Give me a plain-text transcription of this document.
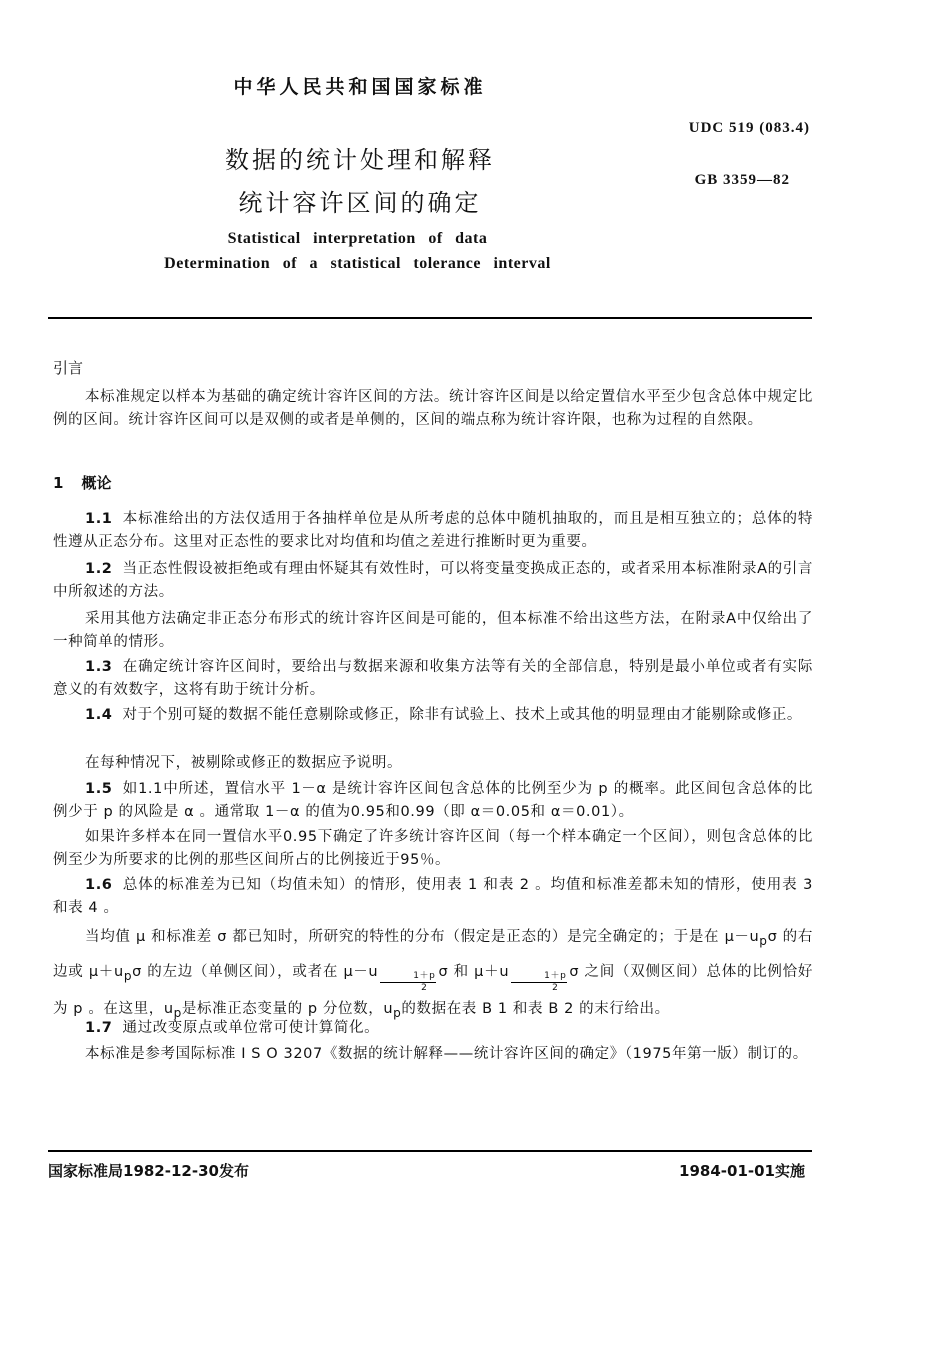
中华人民共和国国家标准
UDC 519 (083.4)
GB 3359—82
数据的统计处理和解释
统计容许区间的确定
Statistical interpretation of data
Determination of a statistical tolerance interval
引言
本标准规定以样本为基础的确定统计容许区间的方法。统计容许区间是以给定置信水平至少包含总体中规定比例的区间。统计容许区间可以是双侧的或者是单侧的，区间的端点称为统计容许限，也称为过程的自然限。
1 概论
1.1 本标准给出的方法仅适用于各抽样单位是从所考虑的总体中随机抽取的，而且是相互独立的；总体的特性遵从正态分布。这里对正态性的要求比对均值和均值之差进行推断时更为重要。
1.2 当正态性假设被拒绝或有理由怀疑其有效性时，可以将变量变换成正态的，或者采用本标准附录A的引言中所叙述的方法。
采用其他方法确定非正态分布形式的统计容许区间是可能的，但本标准不给出这些方法，在附录A中仅给出了一种简单的情形。
1.3 在确定统计容许区间时，要给出与数据来源和收集方法等有关的全部信息，特别是最小单位或者有实际意义的有效数字，这将有助于统计分析。
1.4 对于个别可疑的数据不能任意剔除或修正，除非有试验上、技术上或其他的明显理由才能剔除或修正。
在每种情况下，被剔除或修正的数据应予说明。
1.5 如1.1中所述，置信水平 1－α 是统计容许区间包含总体的比例至少为 p 的概率。此区间包含总体的比例少于 p 的风险是 α 。通常取 1－α 的值为0.95和0.99（即 α＝0.05和 α＝0.01）。
如果许多样本在同一置信水平0.95下确定了许多统计容许区间（每一个样本确定一个区间），则包含总体的比例至少为所要求的比例的那些区间所占的比例接近于95％。
1.6 总体的标准差为已知（均值未知）的情形，使用表 1 和表 2 。均值和标准差都未知的情形，使用表 3 和表 4 。
当均值 μ 和标准差 σ 都已知时，所研究的特性的分布（假定是正态的）是完全确定的；于是在 $\mu-u_p\sigma$ 的右边或 $\mu+u_p\sigma$ 的左边（单侧区间），或者在 $\mu-u \frac{1+p}{2}$ σ 和 $\mu+u \frac{1+p}{2}$ σ 之间（双侧区间）总体的比例恰好为 p 。在这里，$u_p$是标准正态变量的 p 分位数，$u_p$的数据在表 B 1 和表 B 2 的末行给出。
1.7 通过改变原点或单位常可使计算简化。
本标准是参考国际标准 I S O 3207《数据的统计解释——统计容许区间的确定》（1975年第一版）制订的。
国家标准局1982-12-30发布	1984-01-01实施
